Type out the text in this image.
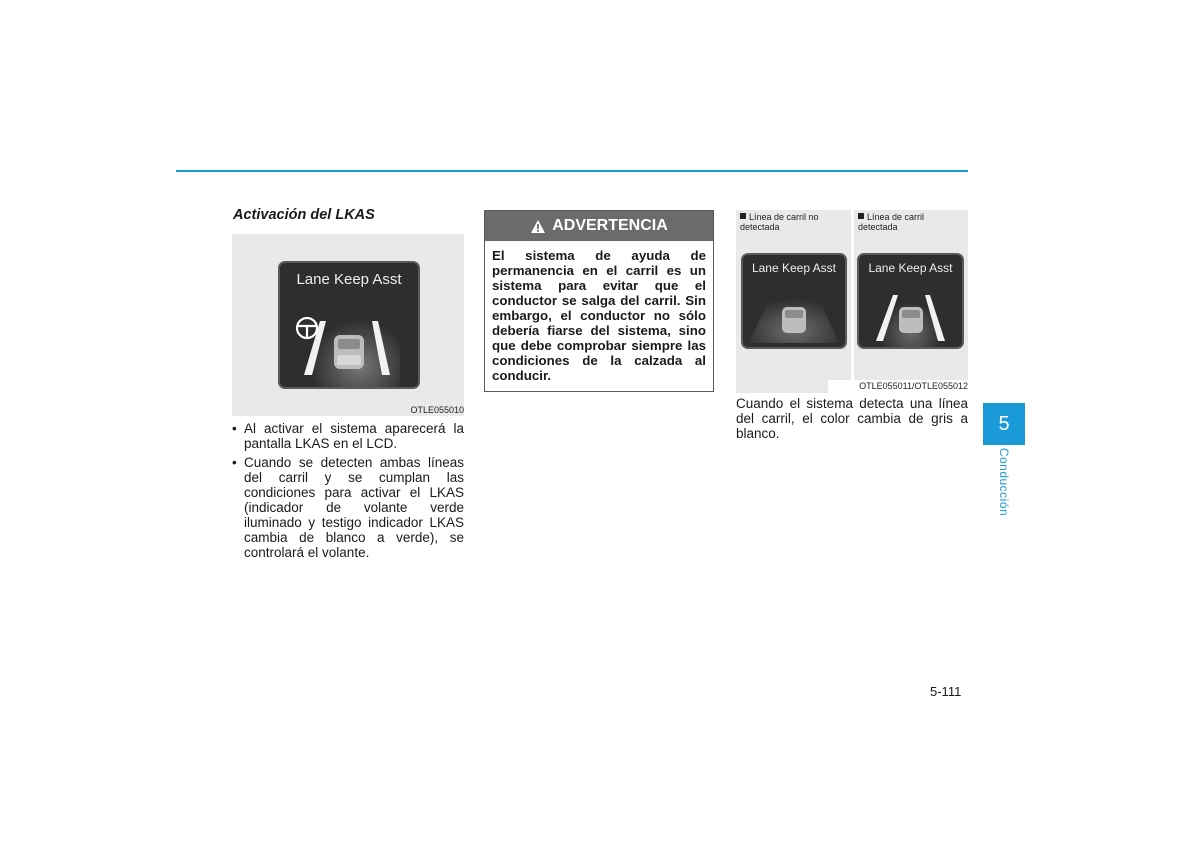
Activación del LKAS
Lane Keep Asst
OTLE055010
• Al activar el sistema aparecerá la pantalla LKAS en el LCD.
• Cuando se detecten ambas líneas del carril y se cumplan las condiciones para activar el LKAS (indicador de volante verde iluminado y testigo indicador LKAS cambia de blanco a verde), se controlará el volante.
ADVERTENCIA
El sistema de ayuda de permanencia en el carril es un sistema para evitar que el conductor se salga del carril. Sin embargo, el conductor no sólo debería fiarse del sistema, sino que debe comprobar siempre las condiciones de la calzada al conducir.
Línea de carril no detectada
Línea de carril detectada
Lane Keep Asst	Lane Keep Asst
OTLE055011/OTLE055012
Cuando el sistema detecta una línea del carril, el color cambia de gris a blanco.	5
Conducción
5-111
